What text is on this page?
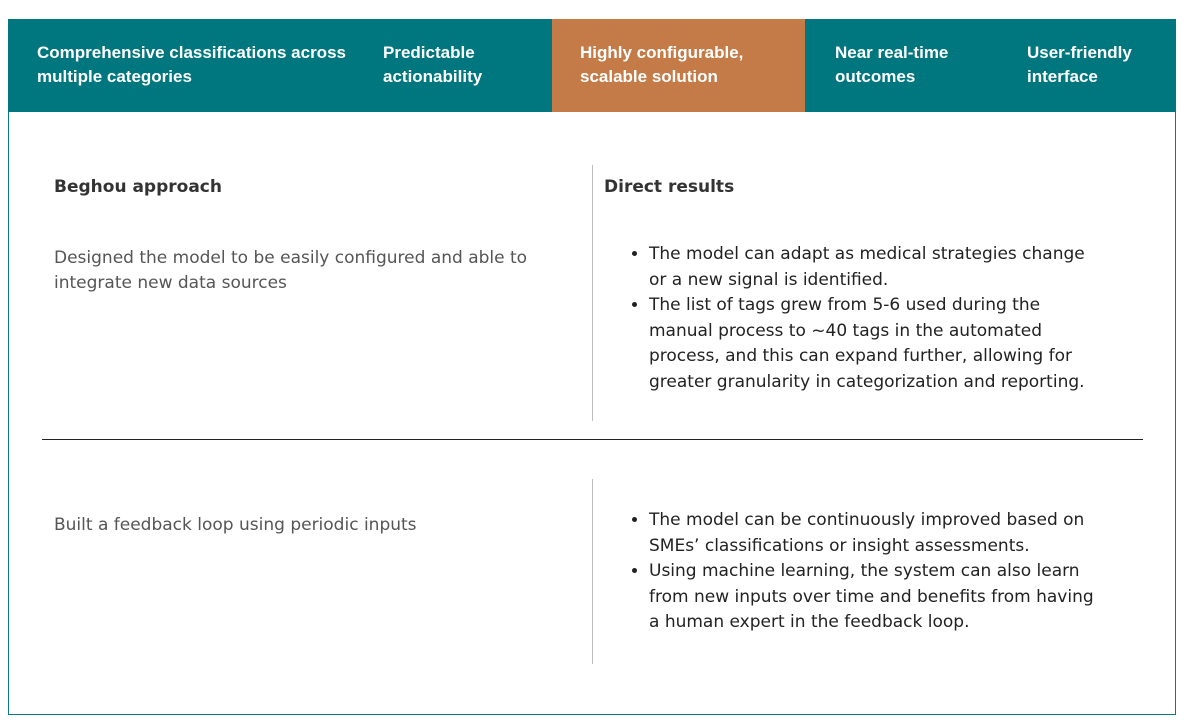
Comprehensive classifications across
multiple categories
Predictable
actionability
Highly configurable,
scalable solution
Near real-time
outcomes
User-friendly
interface
Beghou approach	Direct results
Designed the model to be easily configured and able to integrate new data sources
• The model can adapt as medical strategies change or a new signal is identified.
• The list of tags grew from 5-6 used during the manual process to ~40 tags in the automated process, and this can expand further, allowing for greater granularity in categorization and reporting.
Built a feedback loop using periodic inputs
•	The model can be continuously improved based on SMEs’ classifications or insight assessments.
• Using machine learning, the system can also learn from new inputs over time and benefits from having a human expert in the feedback loop.
